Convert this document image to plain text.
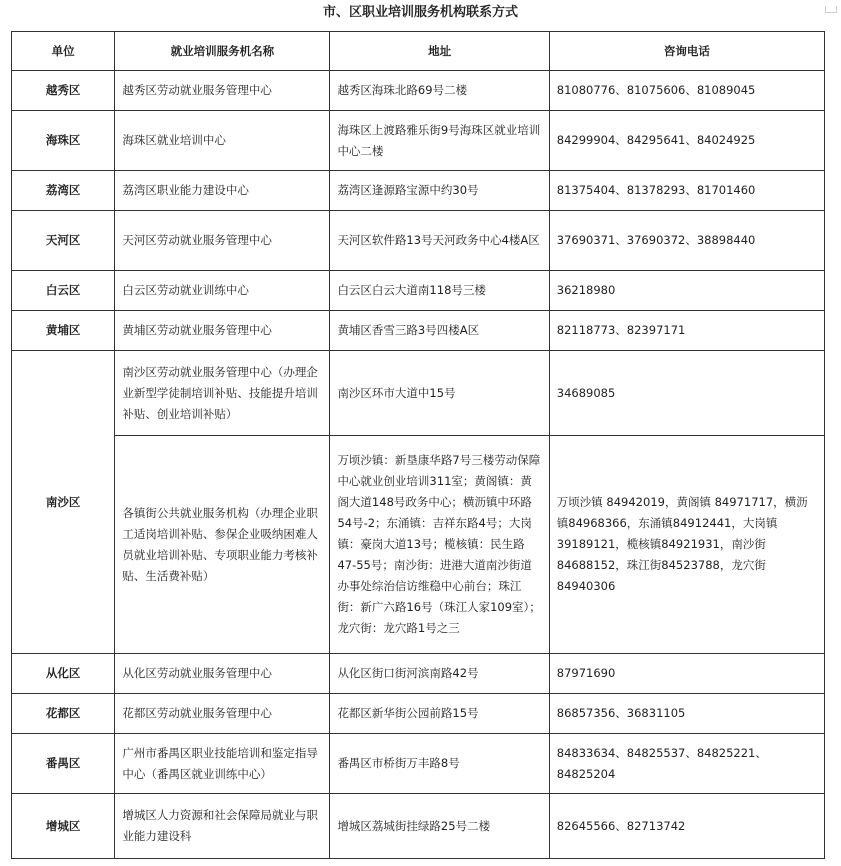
市、区职业培训服务机构联系方式
单位	就业培训服务机名称	地址	咨询电话
越秀区	越秀区劳动就业服务管理中心	越秀区海珠北路69号二楼	81080776、81075606、81089045
海珠区	海珠区就业培训中心	海珠区上渡路雅乐街9号海珠区就业培训中心二楼	84299904、84295641、84024925
荔湾区	荔湾区职业能力建设中心	荔湾区逢源路宝源中约30号	81375404、81378293、81701460
天河区	天河区劳动就业服务管理中心	天河区软件路13号天河政务中心4楼A区	37690371、37690372、38898440
白云区	白云区劳动就业训练中心	白云区白云大道南118号三楼	36218980
黄埔区	黄埔区劳动就业服务管理中心	黄埔区香雪三路3号四楼A区	82118773、82397171
南沙区	南沙区劳动就业服务管理中心（办理企业新型学徒制培训补贴、技能提升培训补贴、创业培训补贴）	南沙区环市大道中15号	34689085
	各镇街公共就业服务机构（办理企业职工适岗培训补贴、参保企业吸纳困难人员就业培训补贴、专项职业能力考核补贴、生活费补贴）	万顷沙镇：新垦康华路7号三楼劳动保障中心就业创业培训311室；黄阁镇：黄阁大道148号政务中心；横沥镇中环路54号-2；东涌镇：吉祥东路4号；大岗镇：豪岗大道13号；榄核镇：民生路47-55号；南沙街：进港大道南沙街道办事处综治信访维稳中心前台；珠江街：新广六路16号（珠江人家109室）；龙穴街：龙穴路1号之三	万顷沙镇 84942019，黄阁镇 84971717，横沥镇84968366，东涌镇84912441，大岗镇39189121，榄核镇84921931，南沙街84688152，珠江街84523788，龙穴街84940306
从化区	从化区劳动就业服务管理中心	从化区街口街河滨南路42号	87971690
花都区	花都区劳动就业服务管理中心	花都区新华街公园前路15号	86857356、36831105
番禺区	广州市番禺区职业技能培训和鉴定指导中心（番禺区就业训练中心）	番禺区市桥街万丰路8号	84833634、84825537、84825221、84825204
增城区	增城区人力资源和社会保障局就业与职业能力建设科	增城区荔城街挂绿路25号二楼	82645566、82713742
